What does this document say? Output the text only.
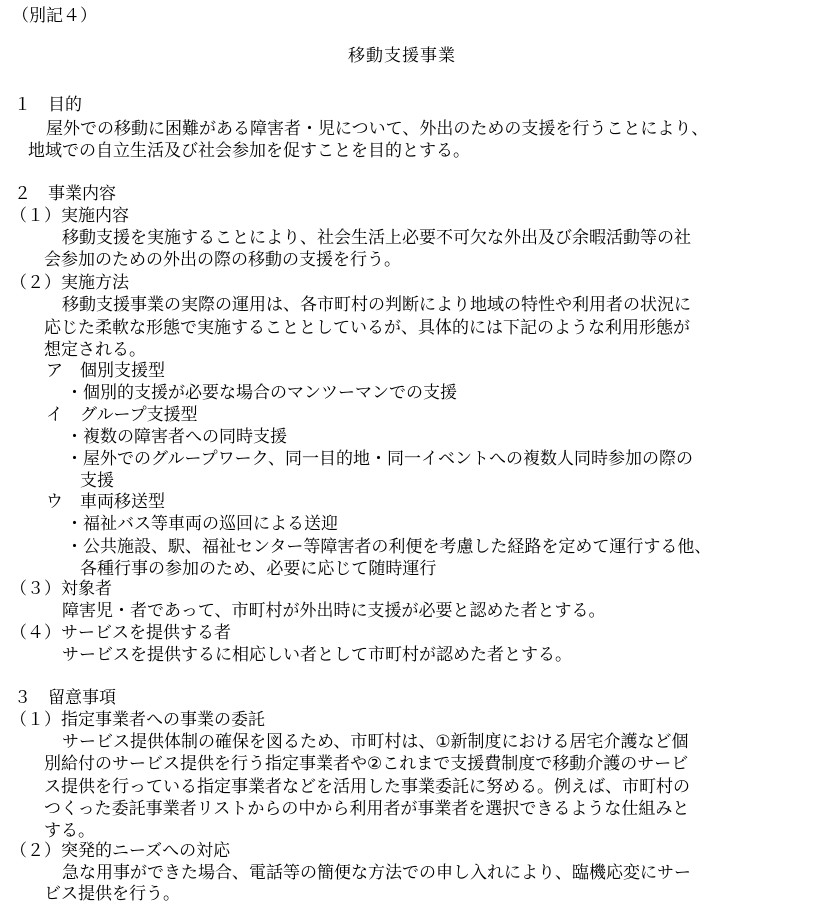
（別記４）

移動支援事業

１　目的

屋外での移動に困難がある障害者・児について、外出のための支援を行うことにより、

地域での自立生活及び社会参加を促すことを目的とする。

２　事業内容

（１）実施内容

移動支援を実施することにより、社会生活上必要不可欠な外出及び余暇活動等の社

会参加のための外出の際の移動の支援を行う。

（２）実施方法

移動支援事業の実際の運用は、各市町村の判断により地域の特性や利用者の状況に

応じた柔軟な形態で実施することとしているが、具体的には下記のような利用形態が

想定される。

ア　個別支援型

・個別的支援が必要な場合のマンツーマンでの支援

イ　グループ支援型

・複数の障害者への同時支援

・屋外でのグループワーク、同一目的地・同一イベントへの複数人同時参加の際の

支援

ウ　車両移送型

・福祉バス等車両の巡回による送迎

・公共施設、駅、福祉センター等障害者の利便を考慮した経路を定めて運行する他、

各種行事の参加のため、必要に応じて随時運行

（３）対象者

障害児・者であって、市町村が外出時に支援が必要と認めた者とする。

（４）サービスを提供する者

サービスを提供するに相応しい者として市町村が認めた者とする。

３　留意事項

（１）指定事業者への事業の委託

サービス提供体制の確保を図るため、市町村は、①新制度における居宅介護など個

別給付のサービス提供を行う指定事業者や②これまで支援費制度で移動介護のサービ

ス提供を行っている指定事業者などを活用した事業委託に努める。例えば、市町村の

つくった委託事業者リストからの中から利用者が事業者を選択できるような仕組みと

する。

（２）突発的ニーズへの対応

急な用事ができた場合、電話等の簡便な方法での申し入れにより、臨機応変にサー

ビス提供を行う。
